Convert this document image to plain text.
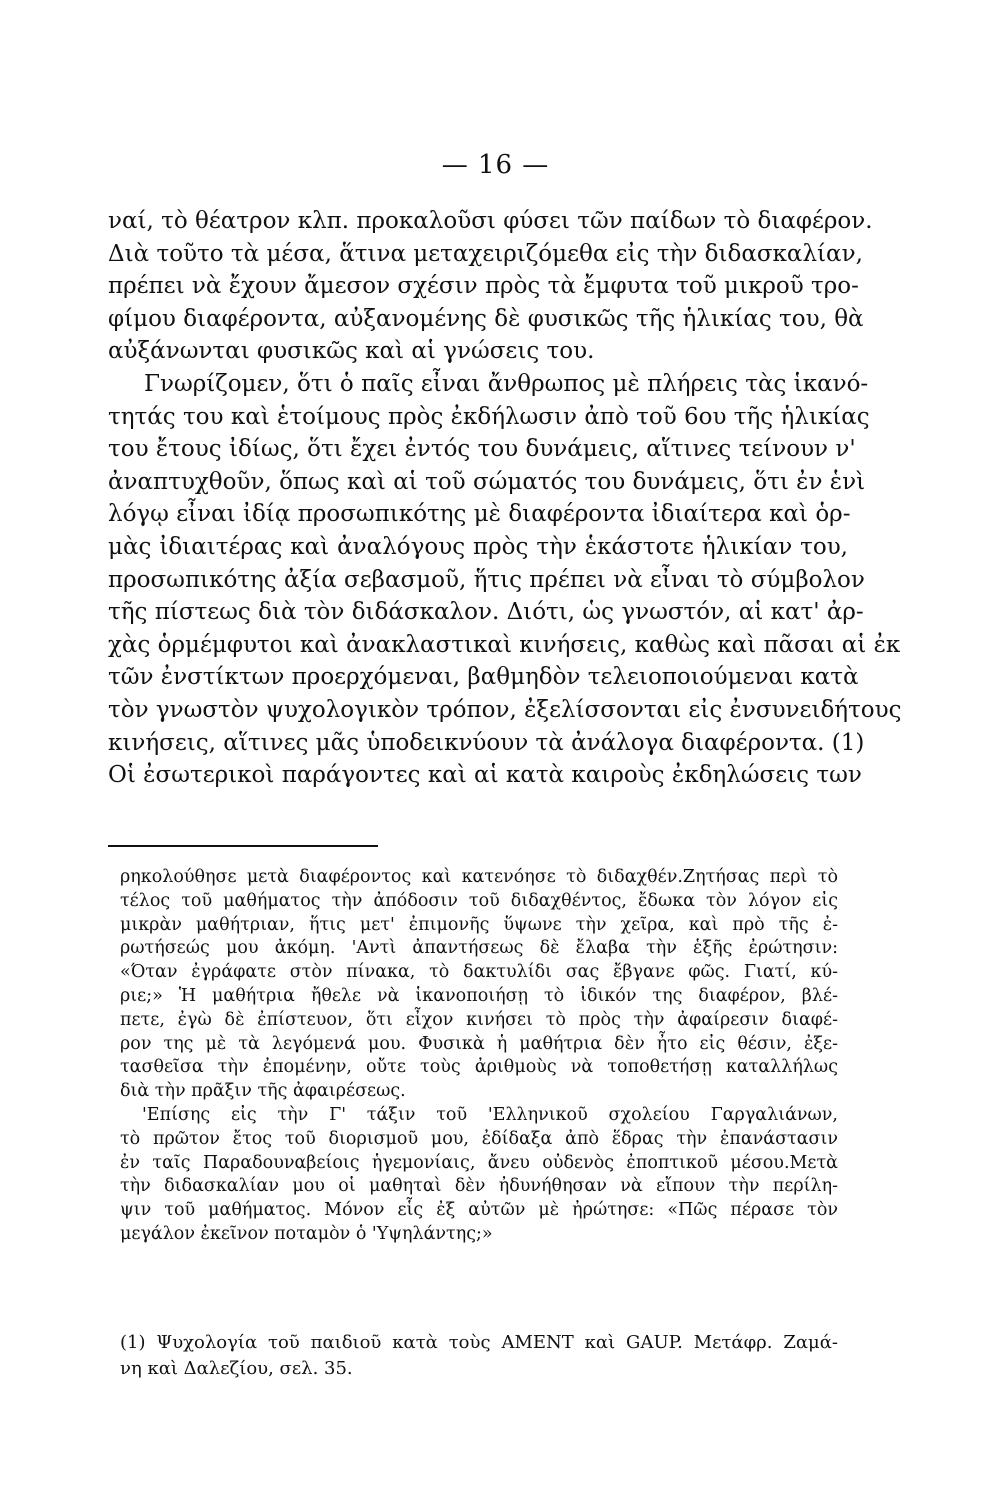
— 16 —
ναί, τὸ θέατρον κλπ. προκαλοῦσι φύσει τῶν παίδων τὸ διαφέρον.
Διὰ τοῦτο τὰ μέσα, ἅτινα μεταχειριζόμεθα εἰς τὴν διδασκαλίαν,
πρέπει νὰ ἔχουν ἄμεσον σχέσιν πρὸς τὰ ἔμφυτα τοῦ μικροῦ τρο-
φίμου διαφέροντα, αὐξανομένης δὲ φυσικῶς τῆς ἡλικίας του, θὰ
αὐξάνωνται φυσικῶς καὶ αἱ γνώσεις του.
Γνωρίζομεν, ὅτι ὁ παῖς εἶναι ἄνθρωπος μὲ πλήρεις τὰς ἱκανό-
τητάς του καὶ ἑτοίμους πρὸς ἐκδήλωσιν ἀπὸ τοῦ 6ου τῆς ἡλικίας
του ἔτους ἰδίως, ὅτι ἔχει ἐντός του δυνάμεις, αἵτινες τείνουν ν'
ἀναπτυχθοῦν, ὅπως καὶ αἱ τοῦ σώματός του δυνάμεις, ὅτι ἐν ἑνὶ
λόγῳ εἶναι ἰδίᾳ προσωπικότης μὲ διαφέροντα ἰδιαίτερα καὶ ὁρ-
μὰς ἰδιαιτέρας καὶ ἀναλόγους πρὸς τὴν ἑκάστοτε ἡλικίαν του,
προσωπικότης ἀξία σεβασμοῦ, ἥτις πρέπει νὰ εἶναι τὸ σύμβολον
τῆς πίστεως διὰ τὸν διδάσκαλον. Διότι, ὡς γνωστόν, αἱ κατ' ἀρ-
χὰς ὁρμέμφυτοι καὶ ἀνακλαστικαὶ κινήσεις, καθὼς καὶ πᾶσαι αἱ ἐκ
τῶν ἐνστίκτων προερχόμεναι, βαθμηδὸν τελειοποιούμεναι κατὰ
τὸν γνωστὸν ψυχολογικὸν τρόπον, ἐξελίσσονται εἰς ἐνσυνειδήτους
κινήσεις, αἵτινες μᾶς ὑποδεικνύουν τὰ ἀνάλογα διαφέροντα. (1)
Οἱ ἐσωτερικοὶ παράγοντες καὶ αἱ κατὰ καιροὺς ἐκδηλώσεις των
ρηκολούθησε μετὰ διαφέροντος καὶ κατενόησε τὸ διδαχθέν.Ζητήσας περὶ τὸ
τέλος τοῦ μαθήματος τὴν ἀπόδοσιν τοῦ διδαχθέντος, ἔδωκα τὸν λόγον εἰς
μικρὰν μαθήτριαν, ἥτις μετ' ἐπιμονῆς ὕψωνε τὴν χεῖρα, καὶ πρὸ τῆς ἐ-
ρωτήσεώς μου ἀκόμη. 'Αντὶ ἀπαντήσεως δὲ ἔλαβα τὴν ἑξῆς ἐρώτησιν:
«Όταν ἐγράφατε στὸν πίνακα, τὸ δακτυλίδι σας ἔβγανε φῶς. Γιατί, κύ-
ριε;» Ἡ μαθήτρια ἤθελε νὰ ἱκανοποιήσῃ τὸ ἰδικόν της διαφέρον, βλέ-
πετε, ἐγὼ δὲ ἐπίστευον, ὅτι εἶχον κινήσει τὸ πρὸς τὴν ἀφαίρεσιν διαφέ-
ρον της μὲ τὰ λεγόμενά μου. Φυσικὰ ἡ μαθήτρια δὲν ἦτο εἰς θέσιν, ἐξε-
τασθεῖσα τὴν ἐπομένην, οὔτε τοὺς ἀριθμοὺς νὰ τοποθετήσῃ καταλλήλως
διὰ τὴν πρᾶξιν τῆς ἀφαιρέσεως.
'Επίσης εἰς τὴν Γ' τάξιν τοῦ 'Ελληνικοῦ σχολείου Γαργαλιάνων,
τὸ πρῶτον ἔτος τοῦ διορισμοῦ μου, ἐδίδαξα ἀπὸ ἕδρας τὴν ἐπανάστασιν
ἐν ταῖς Παραδουναβείοις ἡγεμονίαις, ἄνευ οὐδενὸς ἐποπτικοῦ μέσου.Μετὰ
τὴν διδασκαλίαν μου οἱ μαθηταὶ δὲν ἠδυνήθησαν νὰ εἴπουν τὴν περίλη-
ψιν τοῦ μαθήματος. Μόνον εἷς ἐξ αὐτῶν μὲ ἠρώτησε: «Πῶς πέρασε τὸν
μεγάλον ἐκεῖνον ποταμὸν ὁ 'Υψηλάντης;»
(1) Ψυχολογία τοῦ παιδιοῦ κατὰ τοὺς AMENT καὶ GAUP. Μετάφρ. Ζαμά-
νη καὶ Δαλεζίου, σελ. 35.
